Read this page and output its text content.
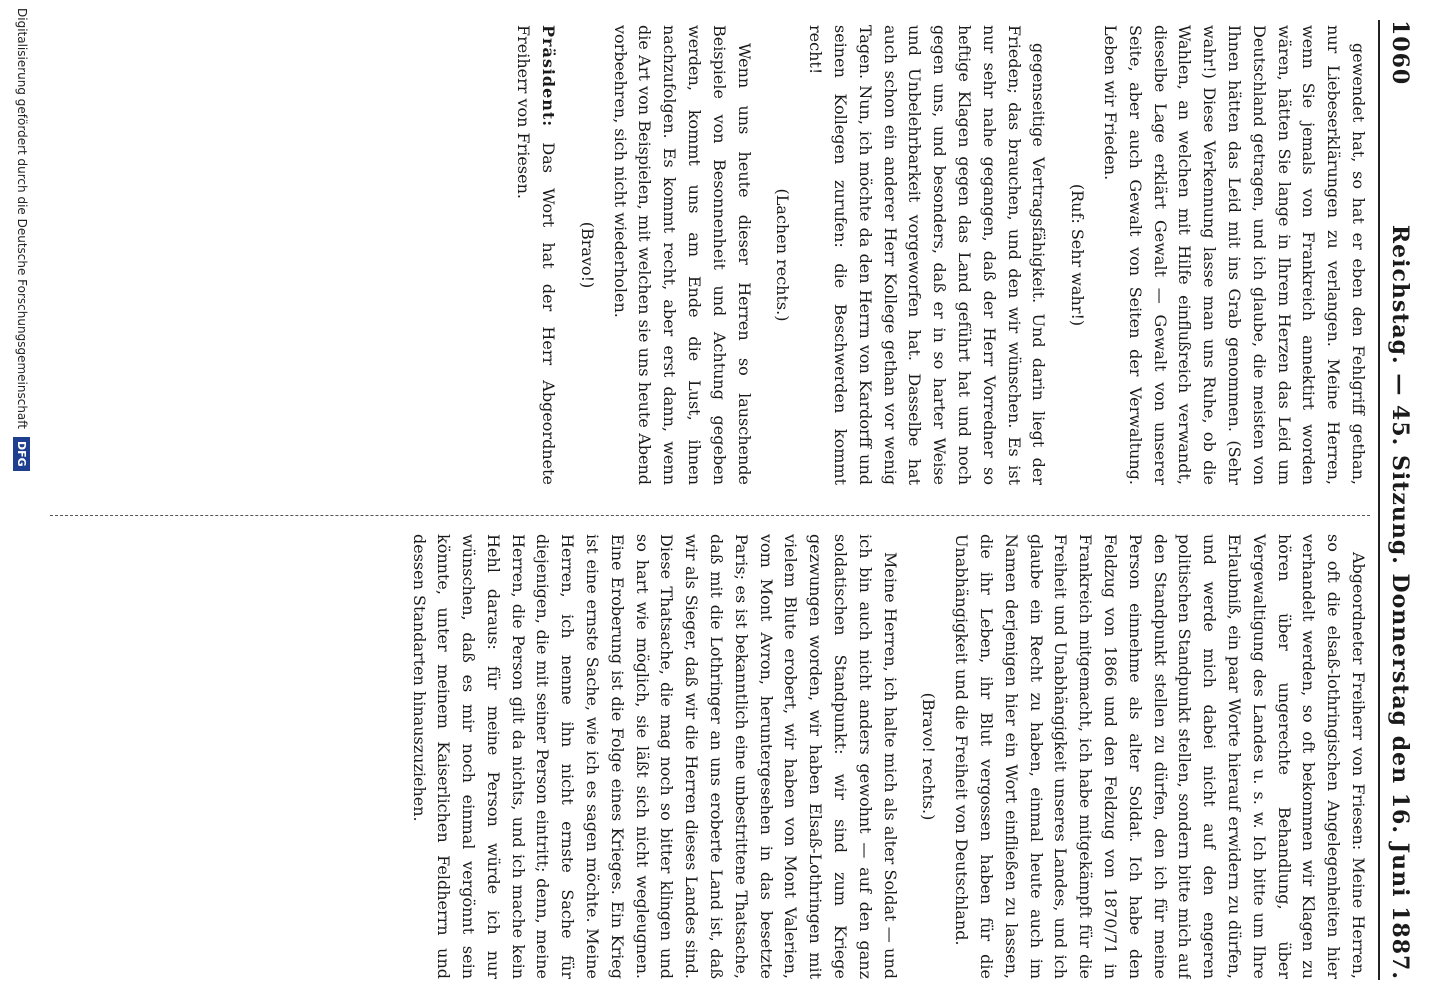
1060
Reichstag. — 45. Sitzung. Donnerstag den 16. Juni 1887.

gewendet hat, so hat er eben den Fehlgriff gethan, nur Liebeserklärungen zu verlangen. Meine Herren, wenn Sie jemals von Frankreich annektirt worden wären, hätten Sie lange in Ihrem Herzen das Leid um Deutschland getragen, und ich glaube, die meisten von Ihnen hätten das Leid mit ins Grab genommen. (Sehr wahr!) Diese Verkennung lasse man uns Ruhe, ob die Wahlen, an welchen mit Hilfe einflußreich verwandt, dieselbe Lage erklärt Gewalt — Gewalt von unserer Seite, aber auch Gewalt von Seiten der Verwaltung. Leben wir Frieden.

(Ruf: Sehr wahr!)

gegenseitige Vertragsfähigkeit. Und darin liegt der Frieden; das brauchen, und den wir wünschen. Es ist nur sehr nahe gegangen, daß der Herr Vorredner so heftige Klagen gegen das Land geführt hat und noch gegen uns, und besonders, daß er in so harter Weise und Unbelehrbarkeit vorgeworfen hat. Dasselbe hat auch schon ein anderer Herr Kollege gethan vor wenig Tagen. Nun, ich möchte da den Herrn von Kardorff und seinen Kollegen zurufen: die Beschwerden kommt recht!

(Lachen rechts.)

Wenn uns heute dieser Herren so lauschende Beispiele von Besonnenheit und Achtung gegeben werden, kommt uns am Ende die Lust, ihnen nachzufolgen. Es kommt recht, aber erst dann, wenn die Art von Beispielen, mit welchen sie uns heute Abend vorbeehren, sich nicht wiederholen.

(Bravo!)

Präsident: Das Wort hat der Herr Abgeordnete Freiherr von Friesen.

Abgeordneter Freiherr von Friesen: Meine Herren, so oft die elsaß-lothringischen Angelegenheiten hier verhandelt werden, so oft bekommen wir Klagen zu hören über ungerechte Behandlung, über Vergewaltigung des Landes u. s. w. Ich bitte um Ihre Erlaubniß, ein paar Worte hierauf erwidern zu dürfen, und werde mich dabei nicht auf den engeren politischen Standpunkt stellen, sondern bitte mich auf den Standpunkt stellen zu dürfen, den ich für meine Person einnehme als alter Soldat. Ich habe den Feldzug von 1866 und den Feldzug von 1870/71 in Frankreich mitgemacht, ich habe mitgekämpft für die Freiheit und Unabhängigkeit unseres Landes, und ich glaube ein Recht zu haben, einmal heute auch im Namen derjenigen hier ein Wort einfließen zu lassen, die ihr Leben, ihr Blut vergossen haben für die Unabhängigkeit und die Freiheit von Deutschland.

(Bravo! rechts.)

Meine Herren, ich halte mich als alter Soldat — und ich bin auch nicht anders gewohnt — auf den ganz soldatischen Standpunkt: wir sind zum Kriege gezwungen worden, wir haben Elsaß-Lothringen mit vielem Blute erobert, wir haben von Mont Valerien, vom Mont Avron, heruntergesehen in das besetzte Paris; es ist bekanntlich eine unbestrittene Thatsache, daß mit die Lothringer an uns eroberte Land ist, daß wir als Sieger, daß wir die Herren dieses Landes sind. Diese Thatsache, die mag noch so bitter klingen und so hart wie möglich, sie läßt sich nicht wegleugnen. Eine Eroberung ist die Folge eines Krieges. Ein Krieg ist eine ernste Sache, wie ich es sagen möchte. Meine Herren, ich nenne ihn nicht ernste Sache für diejenigen, die mit seiner Person eintritt; denn, meine Herren, die Person gilt da nichts, und ich mache kein Hehl daraus: für meine Person würde ich nur wünschen, daß es mir noch einmal vergönnt sein könnte, unter meinem Kaiserlichen Feldherrn und dessen Standarten hinauszuziehen.

Digitalisierung gefördert durch die Deutsche Forschungsgemeinschaft
DFG
